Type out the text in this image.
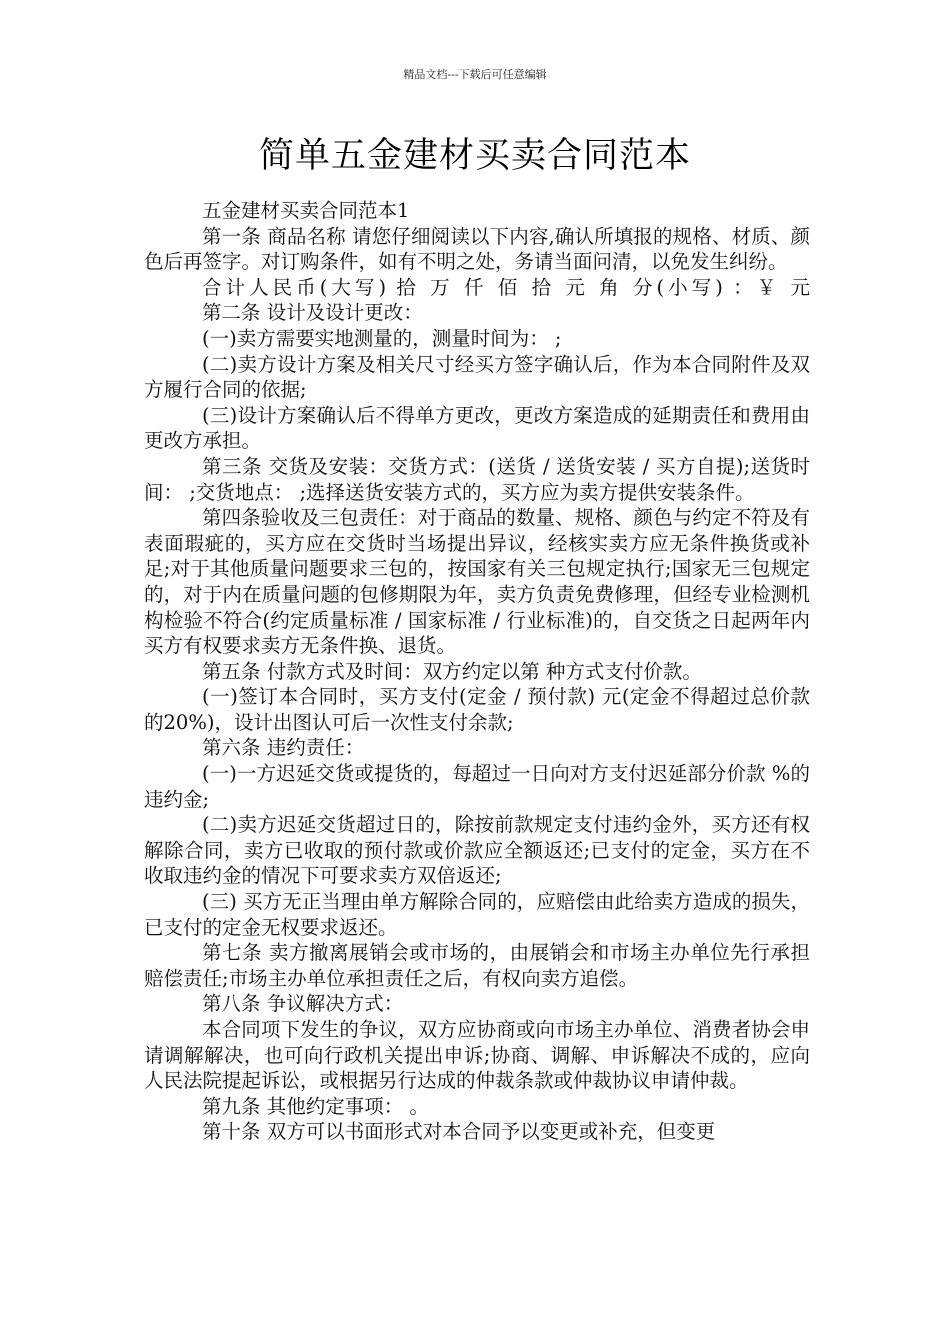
精品文档---下载后可任意编辑
简单五金建材买卖合同范本

五金建材买卖合同范本1

第一条 商品名称 请您仔细阅读以下内容,确认所填报的规格、材质、颜色后再签字。对订购条件，如有不明之处，务请当面问清，以免发生纠纷。

合计人民币(大写) 拾 万 仟 佰 拾 元 角 分(小写) ：￥ 元

第二条 设计及设计更改：

(一)卖方需要实地测量的，测量时间为： ;

(二)卖方设计方案及相关尺寸经买方签字确认后，作为本合同附件及双方履行合同的依据;

(三)设计方案确认后不得单方更改，更改方案造成的延期责任和费用由更改方承担。

第三条 交货及安装：交货方式：(送货 / 送货安装 / 买方自提);送货时间： ;交货地点： ;选择送货安装方式的，买方应为卖方提供安装条件。

第四条验收及三包责任：对于商品的数量、规格、颜色与约定不符及有表面瑕疵的，买方应在交货时当场提出异议，经核实卖方应无条件换货或补足;对于其他质量问题要求三包的，按国家有关三包规定执行;国家无三包规定的，对于内在质量问题的包修期限为年，卖方负责免费修理，但经专业检测机构检验不符合(约定质量标准 / 国家标准 / 行业标准)的，自交货之日起两年内买方有权要求卖方无条件换、退货。

第五条 付款方式及时间：双方约定以第 种方式支付价款。

(一)签订本合同时，买方支付(定金 / 预付款) 元(定金不得超过总价款的20%)，设计出图认可后一次性支付余款;

第六条 违约责任：

(一)一方迟延交货或提货的，每超过一日向对方支付迟延部分价款 %的违约金;

(二)卖方迟延交货超过日的，除按前款规定支付违约金外，买方还有权解除合同，卖方已收取的预付款或价款应全额返还;已支付的定金，买方在不收取违约金的情况下可要求卖方双倍返还;

(三) 买方无正当理由单方解除合同的，应赔偿由此给卖方造成的损失，已支付的定金无权要求返还。

第七条 卖方撤离展销会或市场的，由展销会和市场主办单位先行承担赔偿责任;市场主办单位承担责任之后，有权向卖方追偿。

第八条 争议解决方式：

本合同项下发生的争议，双方应协商或向市场主办单位、消费者协会申请调解解决，也可向行政机关提出申诉;协商、调解、申诉解决不成的，应向人民法院提起诉讼，或根据另行达成的仲裁条款或仲裁协议申请仲裁。

第九条 其他约定事项： 。

第十条 双方可以书面形式对本合同予以变更或补充，但变更
